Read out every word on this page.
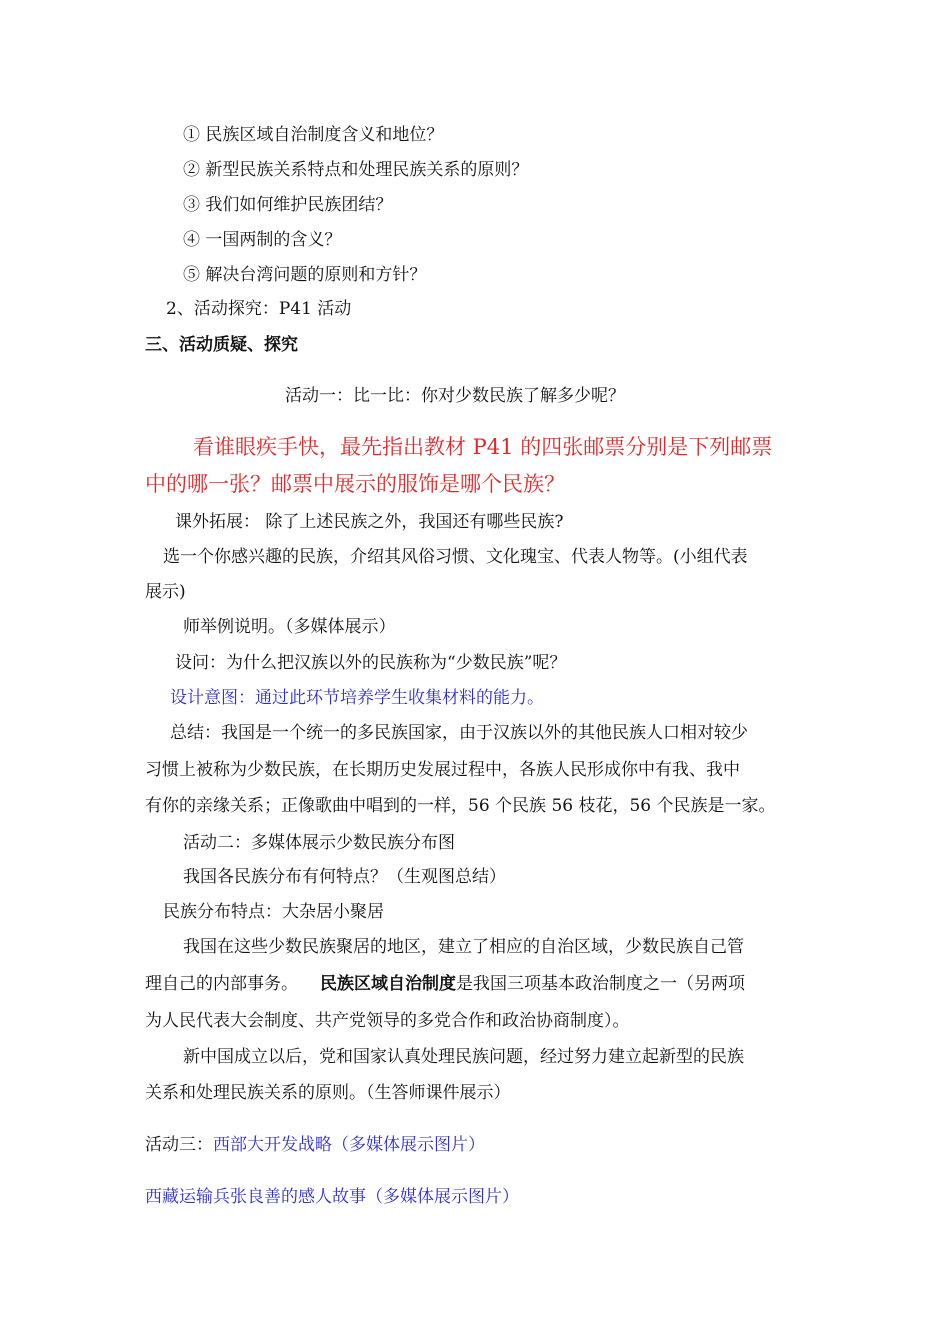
① 民族区域自治制度含义和地位？
② 新型民族关系特点和处理民族关系的原则？
③ 我们如何维护民族团结？
④ 一国两制的含义？
⑤ 解决台湾问题的原则和方针？
2、活动探究：P41 活动
三、活动质疑、探究
活动一：比一比：你对少数民族了解多少呢？
看谁眼疾手快，最先指出教材 P41 的四张邮票分别是下列邮票
中的哪一张？邮票中展示的服饰是哪个民族？
课外拓展： 除了上述民族之外，我国还有哪些民族?
选一个你感兴趣的民族，介绍其风俗习惯、文化瑰宝、代表人物等。(小组代表
展示)
师举例说明。（多媒体展示）
设问：为什么把汉族以外的民族称为“少数民族”呢？
设计意图：通过此环节培养学生收集材料的能力。
总结：我国是一个统一的多民族国家，由于汉族以外的其他民族人口相对较少
习惯上被称为少数民族，在长期历史发展过程中，各族人民形成你中有我、我中
有你的亲缘关系；正像歌曲中唱到的一样，56 个民族 56 枝花，56 个民族是一家。
活动二：多媒体展示少数民族分布图
我国各民族分布有何特点？（生观图总结）
民族分布特点：大杂居小聚居
我国在这些少数民族聚居的地区，建立了相应的自治区域，少数民族自己管
理自己的内部事务。 民族区域自治制度是我国三项基本政治制度之一（另两项
为人民代表大会制度、共产党领导的多党合作和政治协商制度）。
新中国成立以后，党和国家认真处理民族问题，经过努力建立起新型的民族
关系和处理民族关系的原则。（生答师课件展示）
活动三：西部大开发战略（多媒体展示图片）
西藏运输兵张良善的感人故事（多媒体展示图片）
